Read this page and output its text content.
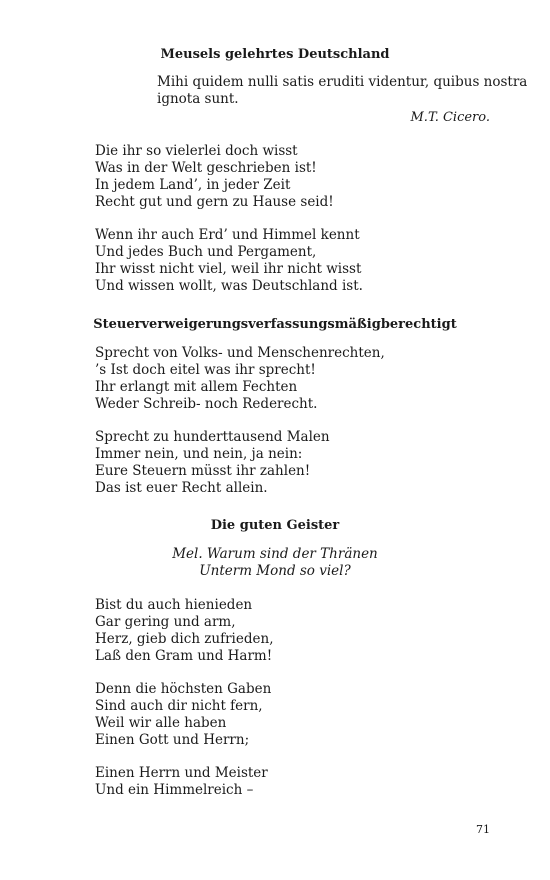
Meusels gelehrtes Deutschland
Mihi quidem nulli satis eruditi videntur, quibus nostra
ignota sunt.
M.T. Cicero.
Die ihr so vielerlei doch wisst
Was in der Welt geschrieben ist!
In jedem Land’, in jeder Zeit
Recht gut und gern zu Hause seid!
Wenn ihr auch Erd’ und Himmel kennt
Und jedes Buch und Pergament,
Ihr wisst nicht viel, weil ihr nicht wisst
Und wissen wollt, was Deutschland ist.
Steuerverweigerungsverfassungsmäßigberechtigt
Sprecht von Volks- und Menschenrechten,
’s Ist doch eitel was ihr sprecht!
Ihr erlangt mit allem Fechten
Weder Schreib- noch Rederecht.
Sprecht zu hunderttausend Malen
Immer nein, und nein, ja nein:
Eure Steuern müsst ihr zahlen!
Das ist euer Recht allein.
Die guten Geister
Mel. Warum sind der Thränen
Unterm Mond so viel?
Bist du auch hienieden
Gar gering und arm,
Herz, gieb dich zufrieden,
Laß den Gram und Harm!
Denn die höchsten Gaben
Sind auch dir nicht fern,
Weil wir alle haben
Einen Gott und Herrn;
Einen Herrn und Meister
Und ein Himmelreich –
71
